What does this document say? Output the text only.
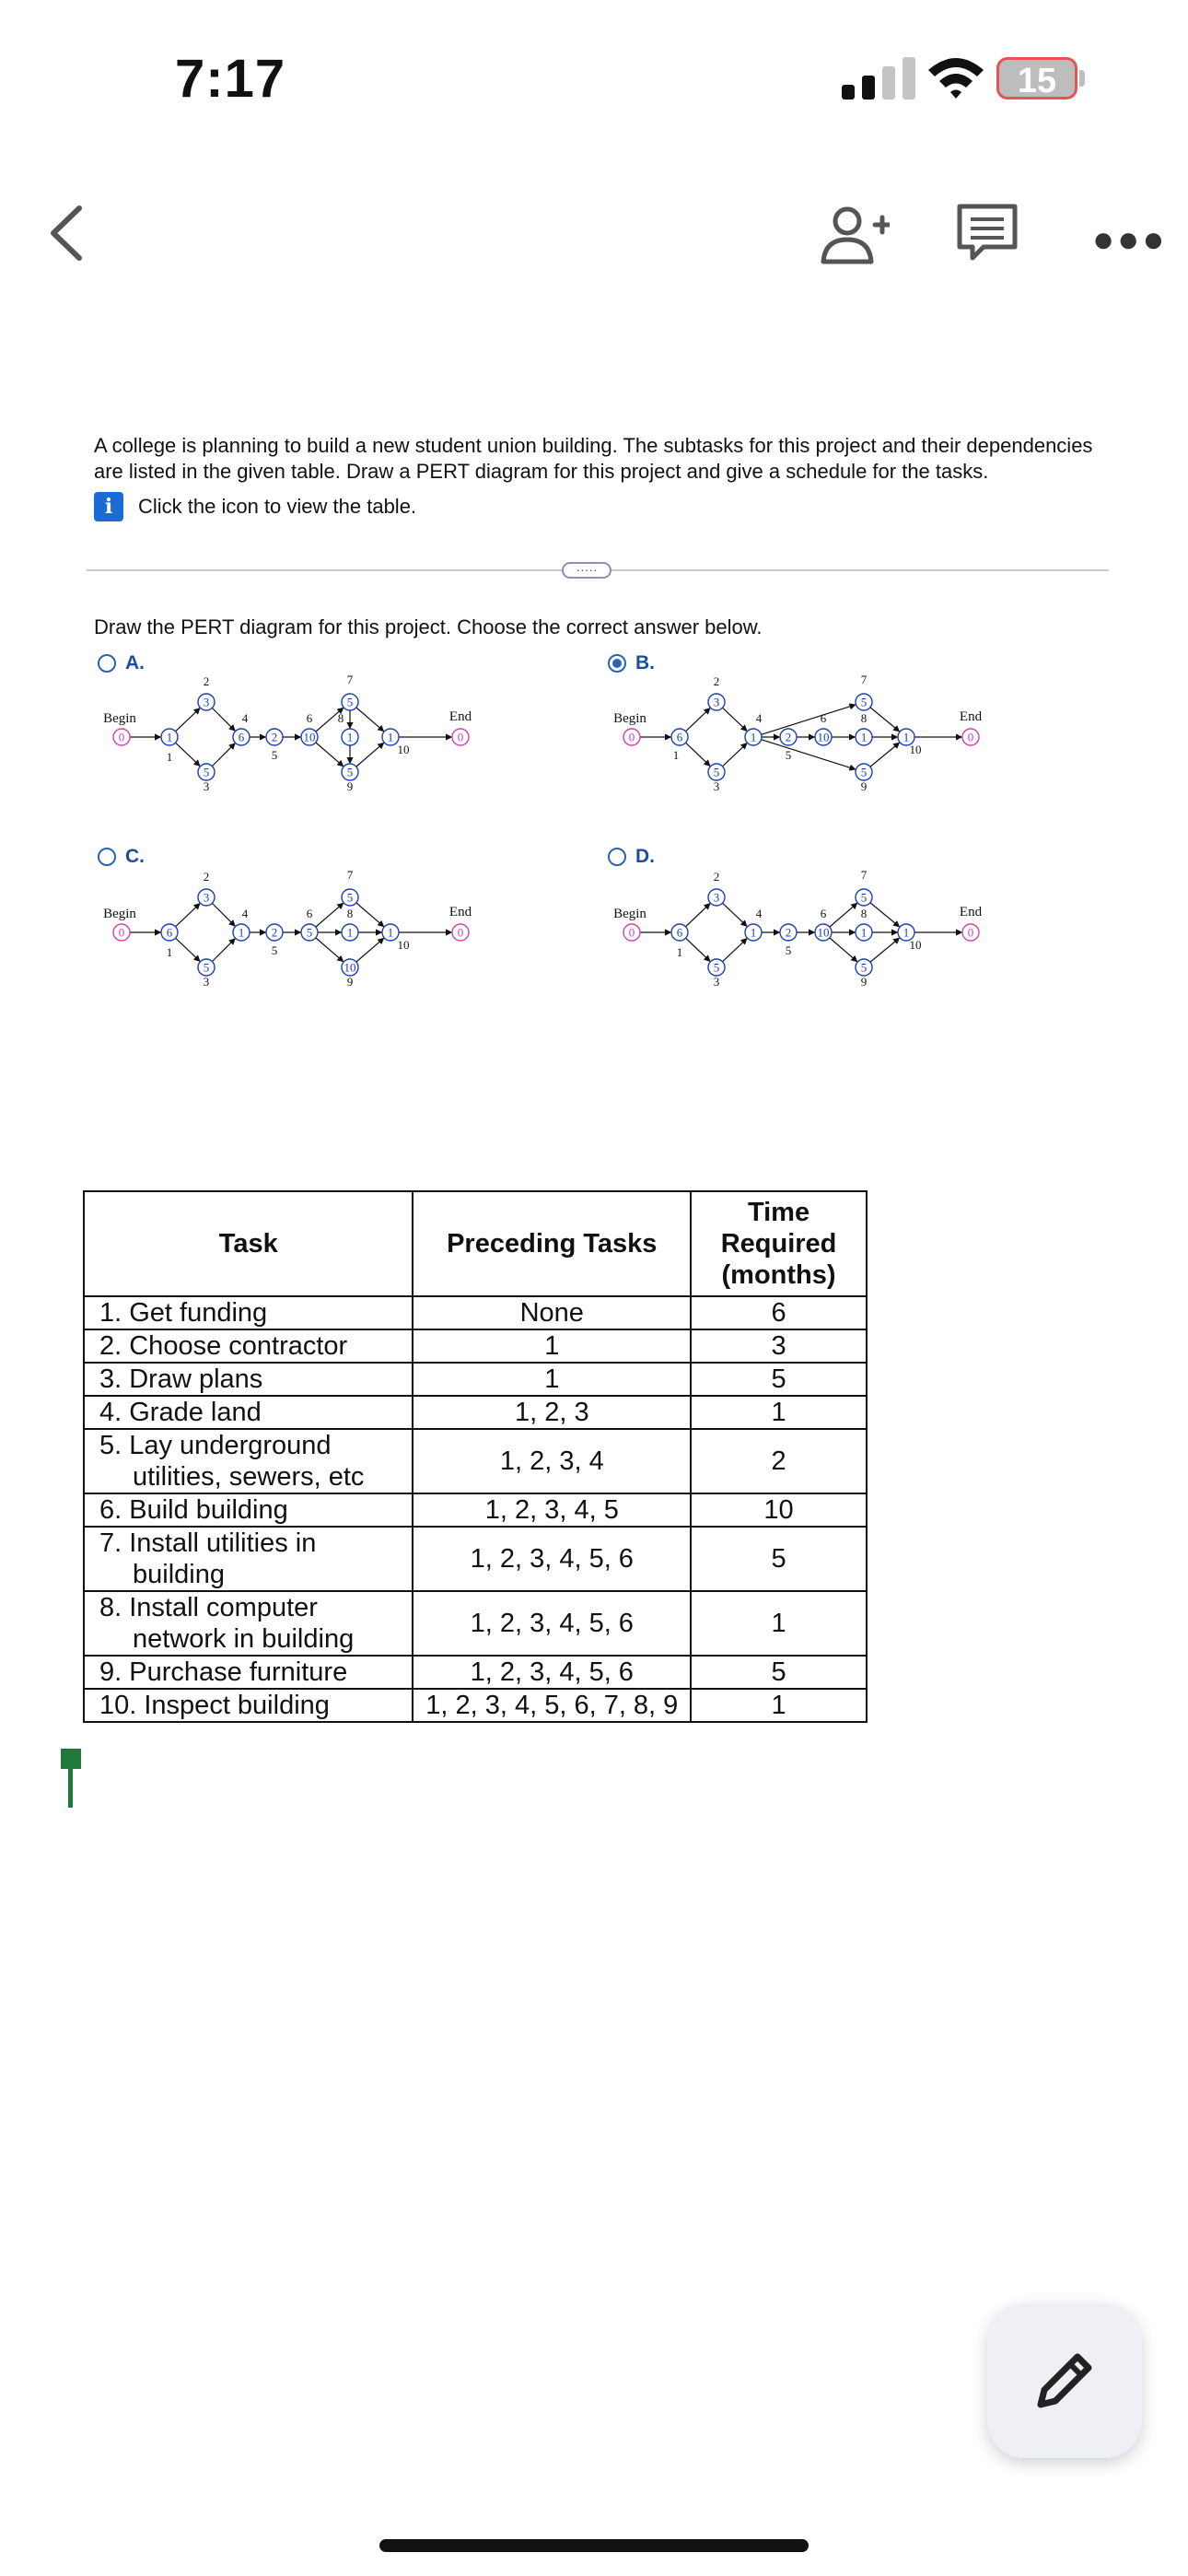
7:17	15
●●●
A college is planning to build a new student union building. The subtasks for this project and their dependencies are listed in the given table. Draw a PERT diagram for this project and give a schedule for the tasks.
i	Click the icon to view the table.
·····
Draw the PERT diagram for this project. Choose the correct answer below.
A.	B.
C.	D.
0	1
3
5
6 2 10
5
1
5
1	0
1
2
3
4
5
6
7
8
9
10
Begin	End
0	6
3
5
1 2 10
5
1
5
1	0
1
2
3
4
5
6
7
8
9
10
Begin	End
0	6
3
5
1 2 5
5
1
10
1	0
1
2
3
4
5
6
7
8
9
10
Begin	End
0	6
3
5
1 2 10
5
1
5
1	0
1
2
3
4
5
6
7
8
9
10
Begin	End
Task	Preceding Tasks	Time Required (months)
1. Get funding	None	6
2. Choose contractor	1	3
3. Draw plans	1	5
4. Grade land	1, 2, 3	1
5. Lay underground utilities, sewers, etc	1, 2, 3, 4	2
6. Build building	1, 2, 3, 4, 5	10
7. Install utilities in building	1, 2, 3, 4, 5, 6	5
8. Install computer network in building	1, 2, 3, 4, 5, 6	1
9. Purchase furniture	1, 2, 3, 4, 5, 6	5
10. Inspect building	1, 2, 3, 4, 5, 6, 7, 8, 9	1
